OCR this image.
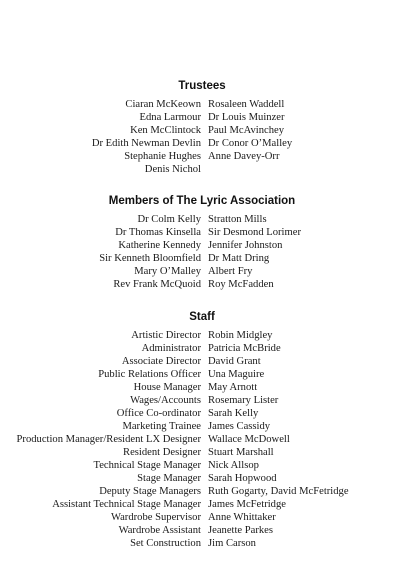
Trustees
Ciaran McKeown Rosaleen Waddell
Edna Larmour Dr Louis Muinzer
Ken McClintock Paul McAvinchey
Dr Edith Newman Devlin Dr Conor O’Malley
Stephanie Hughes Anne Davey-Orr
Denis Nichol
Members of The Lyric Association
Dr Colm Kelly Stratton Mills
Dr Thomas Kinsella Sir Desmond Lorimer
Katherine Kennedy Jennifer Johnston
Sir Kenneth Bloomfield Dr Matt Dring
Mary O’Malley Albert Fry
Rev Frank McQuoid Roy McFadden
Staff
Artistic Director Robin Midgley
Administrator Patricia McBride
Associate Director David Grant
Public Relations Officer Una Maguire
House Manager May Arnott
Wages/Accounts Rosemary Lister
Office Co-ordinator Sarah Kelly
Marketing Trainee James Cassidy
Production Manager/Resident LX Designer Wallace McDowell
Resident Designer Stuart Marshall
Technical Stage Manager Nick Allsop
Stage Manager Sarah Hopwood
Deputy Stage Managers Ruth Gogarty, David McFetridge
Assistant Technical Stage Manager James McFetridge
Wardrobe Supervisor Anne Whittaker
Wardrobe Assistant Jeanette Parkes
Set Construction Jim Carson
